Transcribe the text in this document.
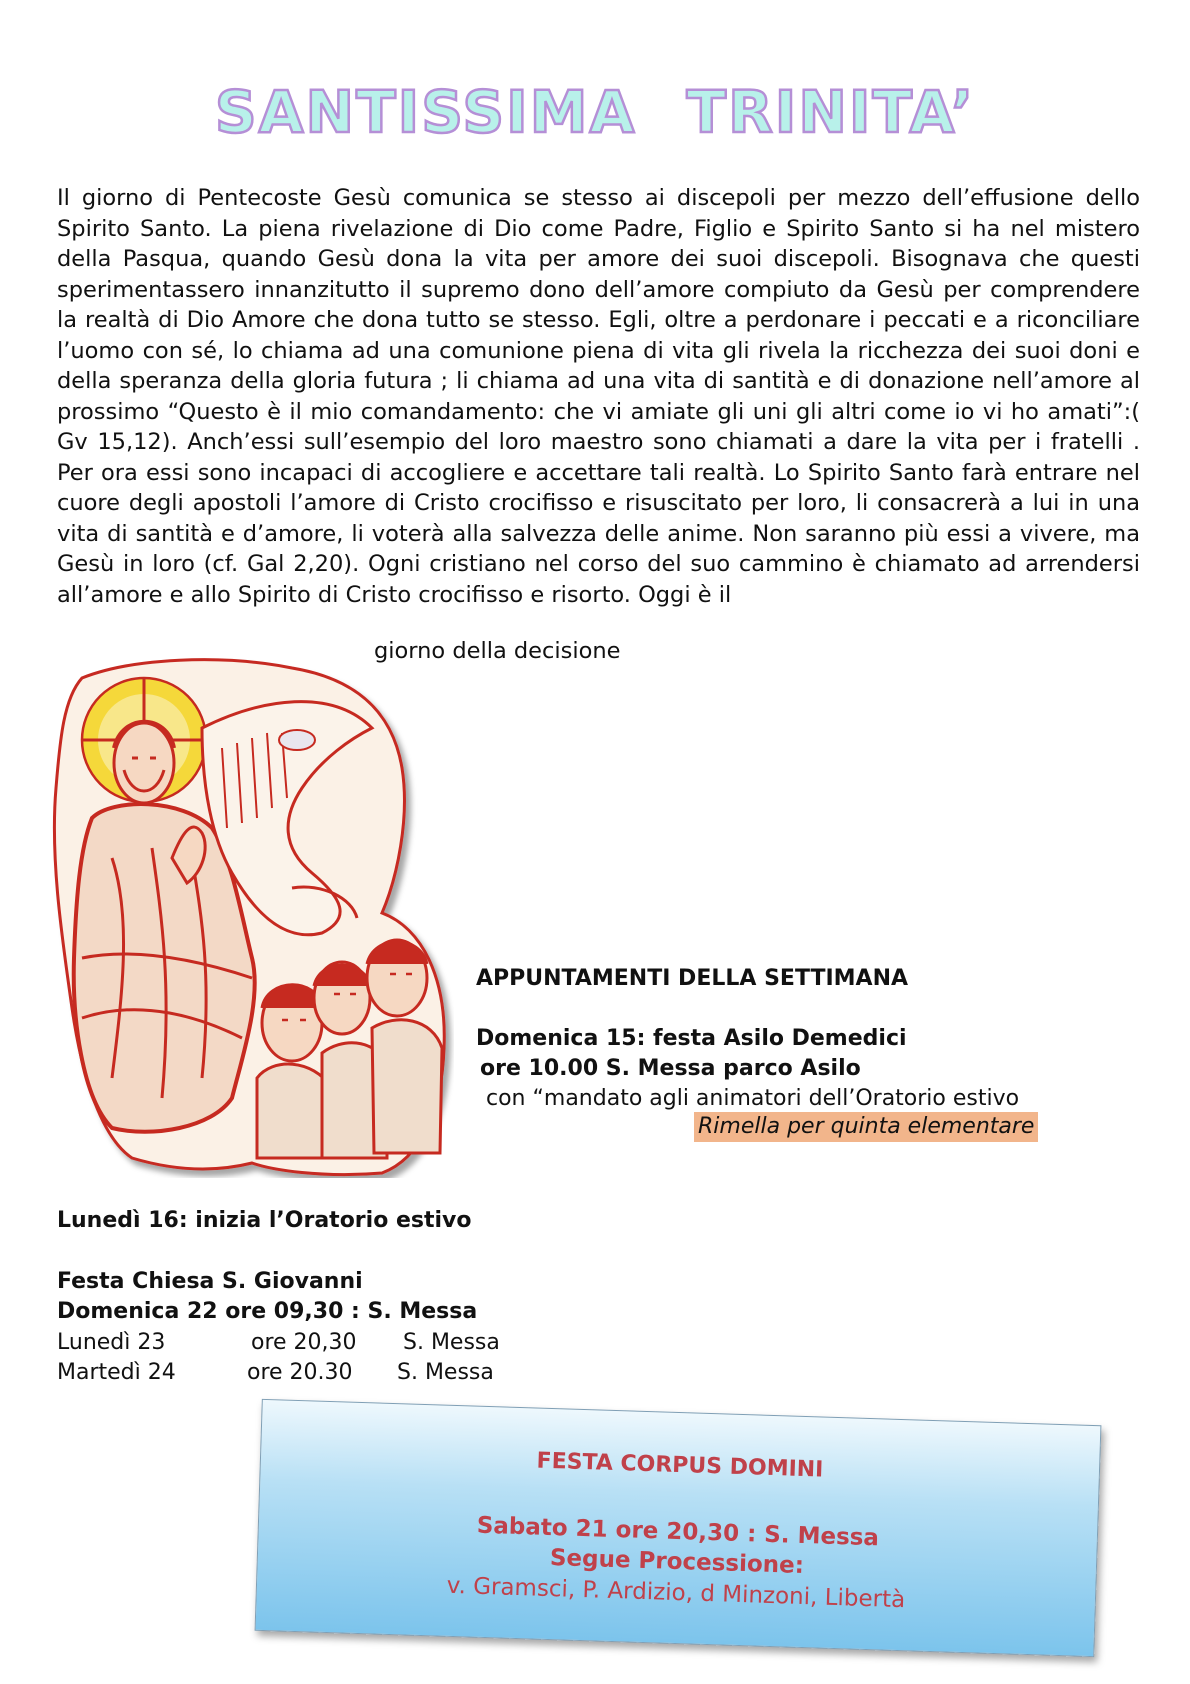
SANTISSIMA TRINITA’

Il giorno di Pentecoste Gesù comunica se stesso ai discepoli per mezzo dell’effusione dello Spirito Santo. La piena rivelazione di Dio come Padre, Figlio e Spirito Santo si ha nel mistero della Pasqua, quando Gesù dona la vita per amore dei suoi discepoli. Bisognava che questi sperimentassero innanzitutto il supremo dono dell’amore compiuto da Gesù per comprendere la realtà di Dio Amore che dona tutto se stesso. Egli, oltre a perdonare i peccati e a riconciliare l’uomo con sé, lo chiama ad una comunione piena di vita gli rivela la ricchezza dei suoi doni e della speranza della gloria futura ; li chiama ad una vita di santità e di donazione nell’amore al prossimo “Questo è il mio comandamento: che vi amiate gli uni gli altri come io vi ho amati”:( Gv 15,12). Anch’essi sull’esempio del loro maestro sono chiamati a dare la vita per i fratelli . Per ora essi sono incapaci di accogliere e accettare tali realtà. Lo Spirito Santo farà entrare nel cuore degli apostoli l’amore di Cristo crocifisso e risuscitato per loro, li consacrerà a lui in una vita di santità e d’amore, li voterà alla salvezza delle anime. Non saranno più essi a vivere, ma Gesù in loro (cf. Gal 2,20). Ogni cristiano nel corso del suo cammino è chiamato ad arrendersi all’amore e allo Spirito di Cristo crocifisso e risorto. Oggi è il

giorno della decisione
APPUNTAMENTI DELLA SETTIMANA
Domenica 15: festa Asilo Demedici
ore 10.00 S. Messa parco Asilo
con “mandato agli animatori dell’Oratorio estivo
Rimella per quinta elementare
Lunedì 16: inizia l’Oratorio estivo
Festa Chiesa S. Giovanni
Domenica 22 ore 09,30 : S. Messa
Lunedì 23	ore 20,30 S. Messa
Martedì 24	ore 20.30 S. Messa
FESTA CORPUS DOMINI
Sabato 21 ore 20,30 : S. Messa
Segue Processione:
v. Gramsci, P. Ardizio, d Minzoni, Libertà
